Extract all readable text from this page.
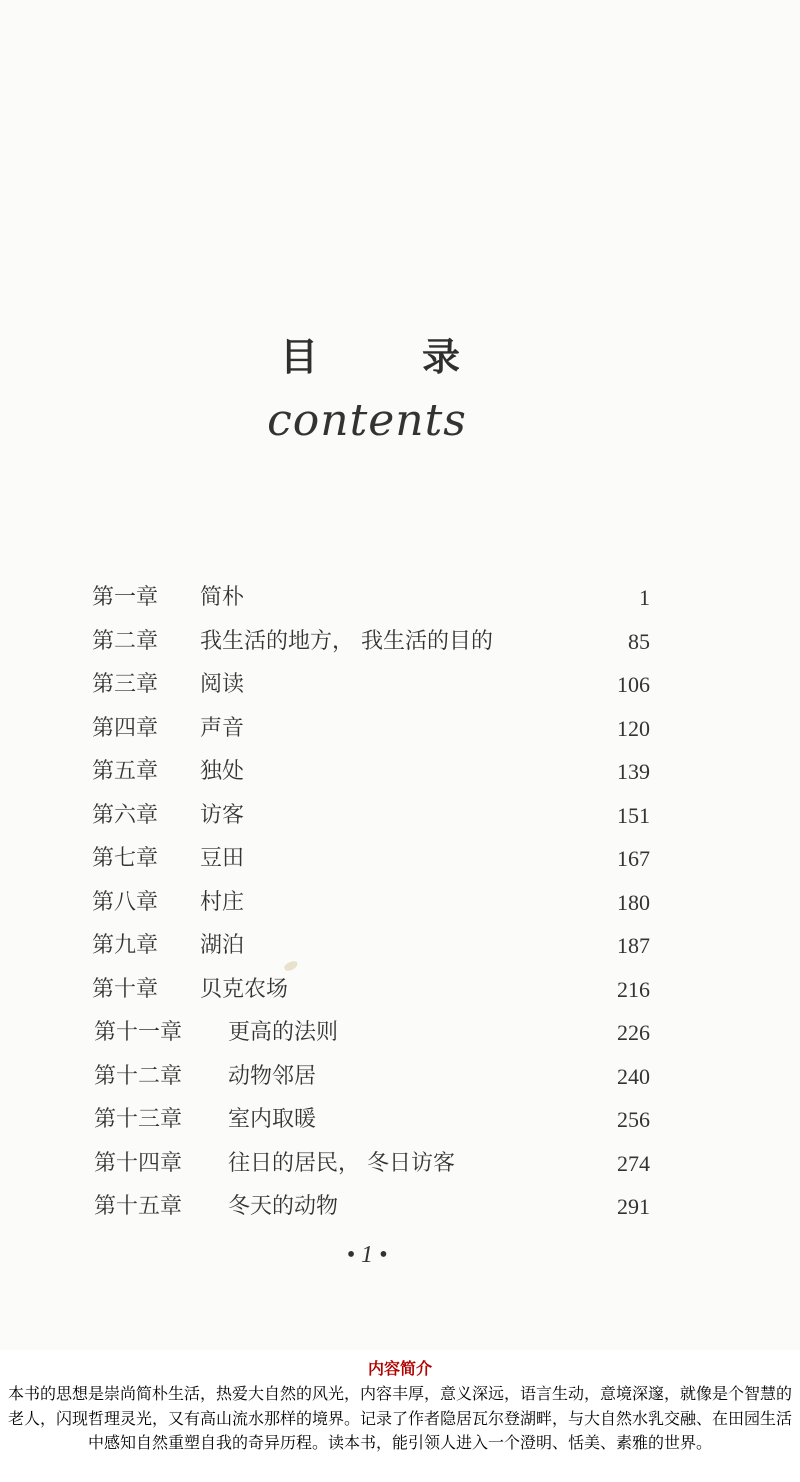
目	录
contents
第一章 简朴	1
第二章 我生活的地方， 我生活的目的	85
第三章 阅读	106
第四章 声音	120
第五章 独处	139
第六章 访客	151
第七章 豆田	167
第八章 村庄	180
第九章 湖泊	187
第十章 贝克农场	216
第十一章 更高的法则	226
第十二章 动物邻居	240
第十三章 室内取暖	256
第十四章 往日的居民， 冬日访客	274
第十五章 冬天的动物	291
• 1 •
内容简介
本书的思想是崇尚简朴生活，热爱大自然的风光，内容丰厚，意义深远，语言生动，意境深邃，就像是个智慧的老人，闪现哲理灵光，又有高山流水那样的境界。记录了作者隐居瓦尔登湖畔，与大自然水乳交融、在田园生活中感知自然重塑自我的奇异历程。读本书，能引领人进入一个澄明、恬美、素雅的世界。
